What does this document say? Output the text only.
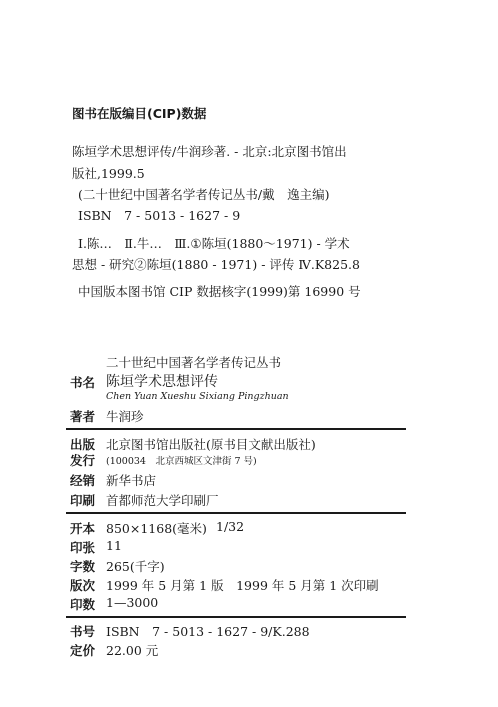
图书在版编目(CIP)数据
陈垣学术思想评传/牛润珍著. - 北京:北京图书馆出
版社,1999.5
(二十世纪中国著名学者传记丛书/戴　逸主编)
ISBN　7 - 5013 - 1627 - 9
Ⅰ.陈…　Ⅱ.牛…　Ⅲ.①陈垣(1880～1971) - 学术
思想 - 研究②陈垣(1880 - 1971) - 评传 Ⅳ.K825.8
中国版本图书馆 CIP 数据核字(1999)第 16990 号
二十世纪中国著名学者传记丛书
书名 陈垣学术思想评传
Chen Yuan Xueshu Sixiang Pingzhuan
著者 牛润珍
出版 北京图书馆出版社(原书目文献出版社)
发行 (100034　北京西城区文津街 7 号)
经销 新华书店
印刷 首都师范大学印刷厂
开本 850×1168(毫米) 1/32
印张 11
字数 265(千字)
版次 1999 年 5 月第 1 版　1999 年 5 月第 1 次印刷
印数 1—3000
书号 ISBN　7 - 5013 - 1627 - 9/K.288
定价 22.00 元
